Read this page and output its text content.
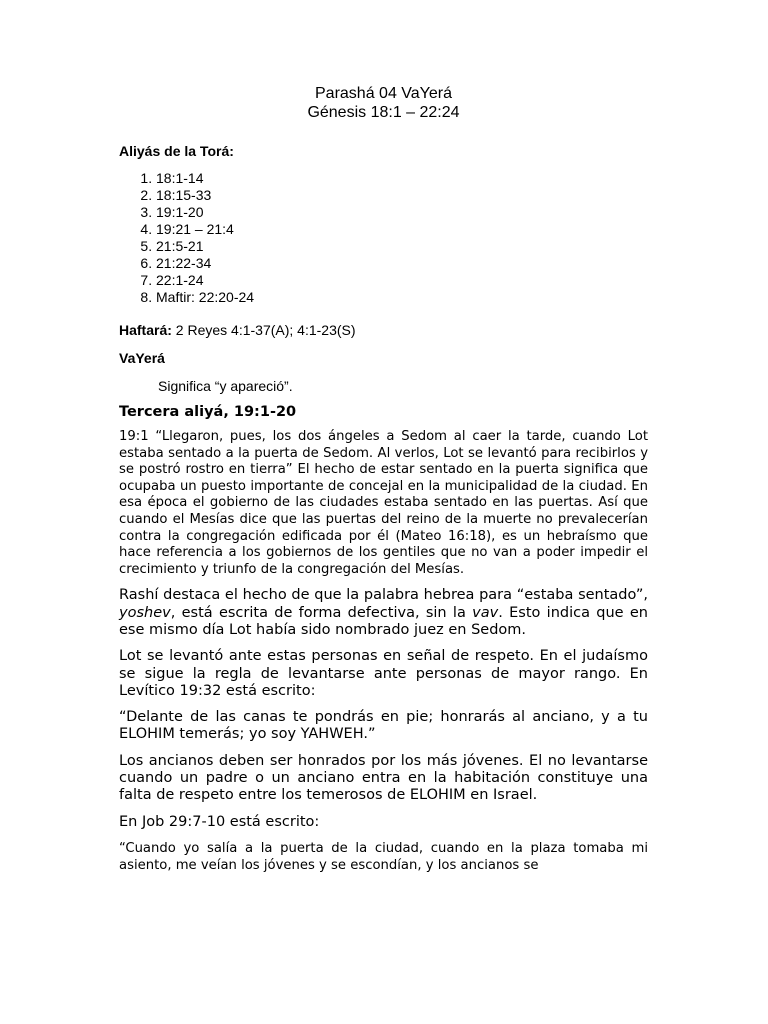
Parashá 04 VaYerá

Génesis 18:1 – 22:24

Aliyás de la Torá:

1. 18:1-14
2. 18:15-33
3. 19:1-20
4. 19:21 – 21:4
5. 21:5-21
6. 21:22-34
7. 22:1-24
8. Maftir: 22:20-24

Haftará: 2 Reyes 4:1-37(A); 4:1-23(S)

VaYerá

Significa “y apareció”.

Tercera aliyá, 19:1-20

19:1 “Llegaron, pues, los dos ángeles a Sedom al caer la tarde, cuando Lot estaba sentado a la puerta de Sedom. Al verlos, Lot se levantó para recibirlos y se postró rostro en tierra” El hecho de estar sentado en la puerta significa que ocupaba un puesto importante de concejal en la municipalidad de la ciudad. En esa época el gobierno de las ciudades estaba sentado en las puertas. Así que cuando el Mesías dice que las puertas del reino de la muerte no prevalecerían contra la congregación edificada por él (Mateo 16:18), es un hebraísmo que hace referencia a los gobiernos de los gentiles que no van a poder impedir el crecimiento y triunfo de la congregación del Mesías.

Rashí destaca el hecho de que la palabra hebrea para “estaba sentado”, yoshev, está escrita de forma defectiva, sin la vav. Esto indica que en ese mismo día Lot había sido nombrado juez en Sedom.

Lot se levantó ante estas personas en señal de respeto. En el judaísmo se sigue la regla de levantarse ante personas de mayor rango. En Levítico 19:32 está escrito:

“Delante de las canas te pondrás en pie; honrarás al anciano, y a tu ELOHIM temerás; yo soy YAHWEH.”

Los ancianos deben ser honrados por los más jóvenes. El no levantarse cuando un padre o un anciano entra en la habitación constituye una falta de respeto entre los temerosos de ELOHIM en Israel.

En Job 29:7-10 está escrito:

“Cuando yo salía a la puerta de la ciudad, cuando en la plaza tomaba mi asiento, me veían los jóvenes y se escondían, y los ancianos se
